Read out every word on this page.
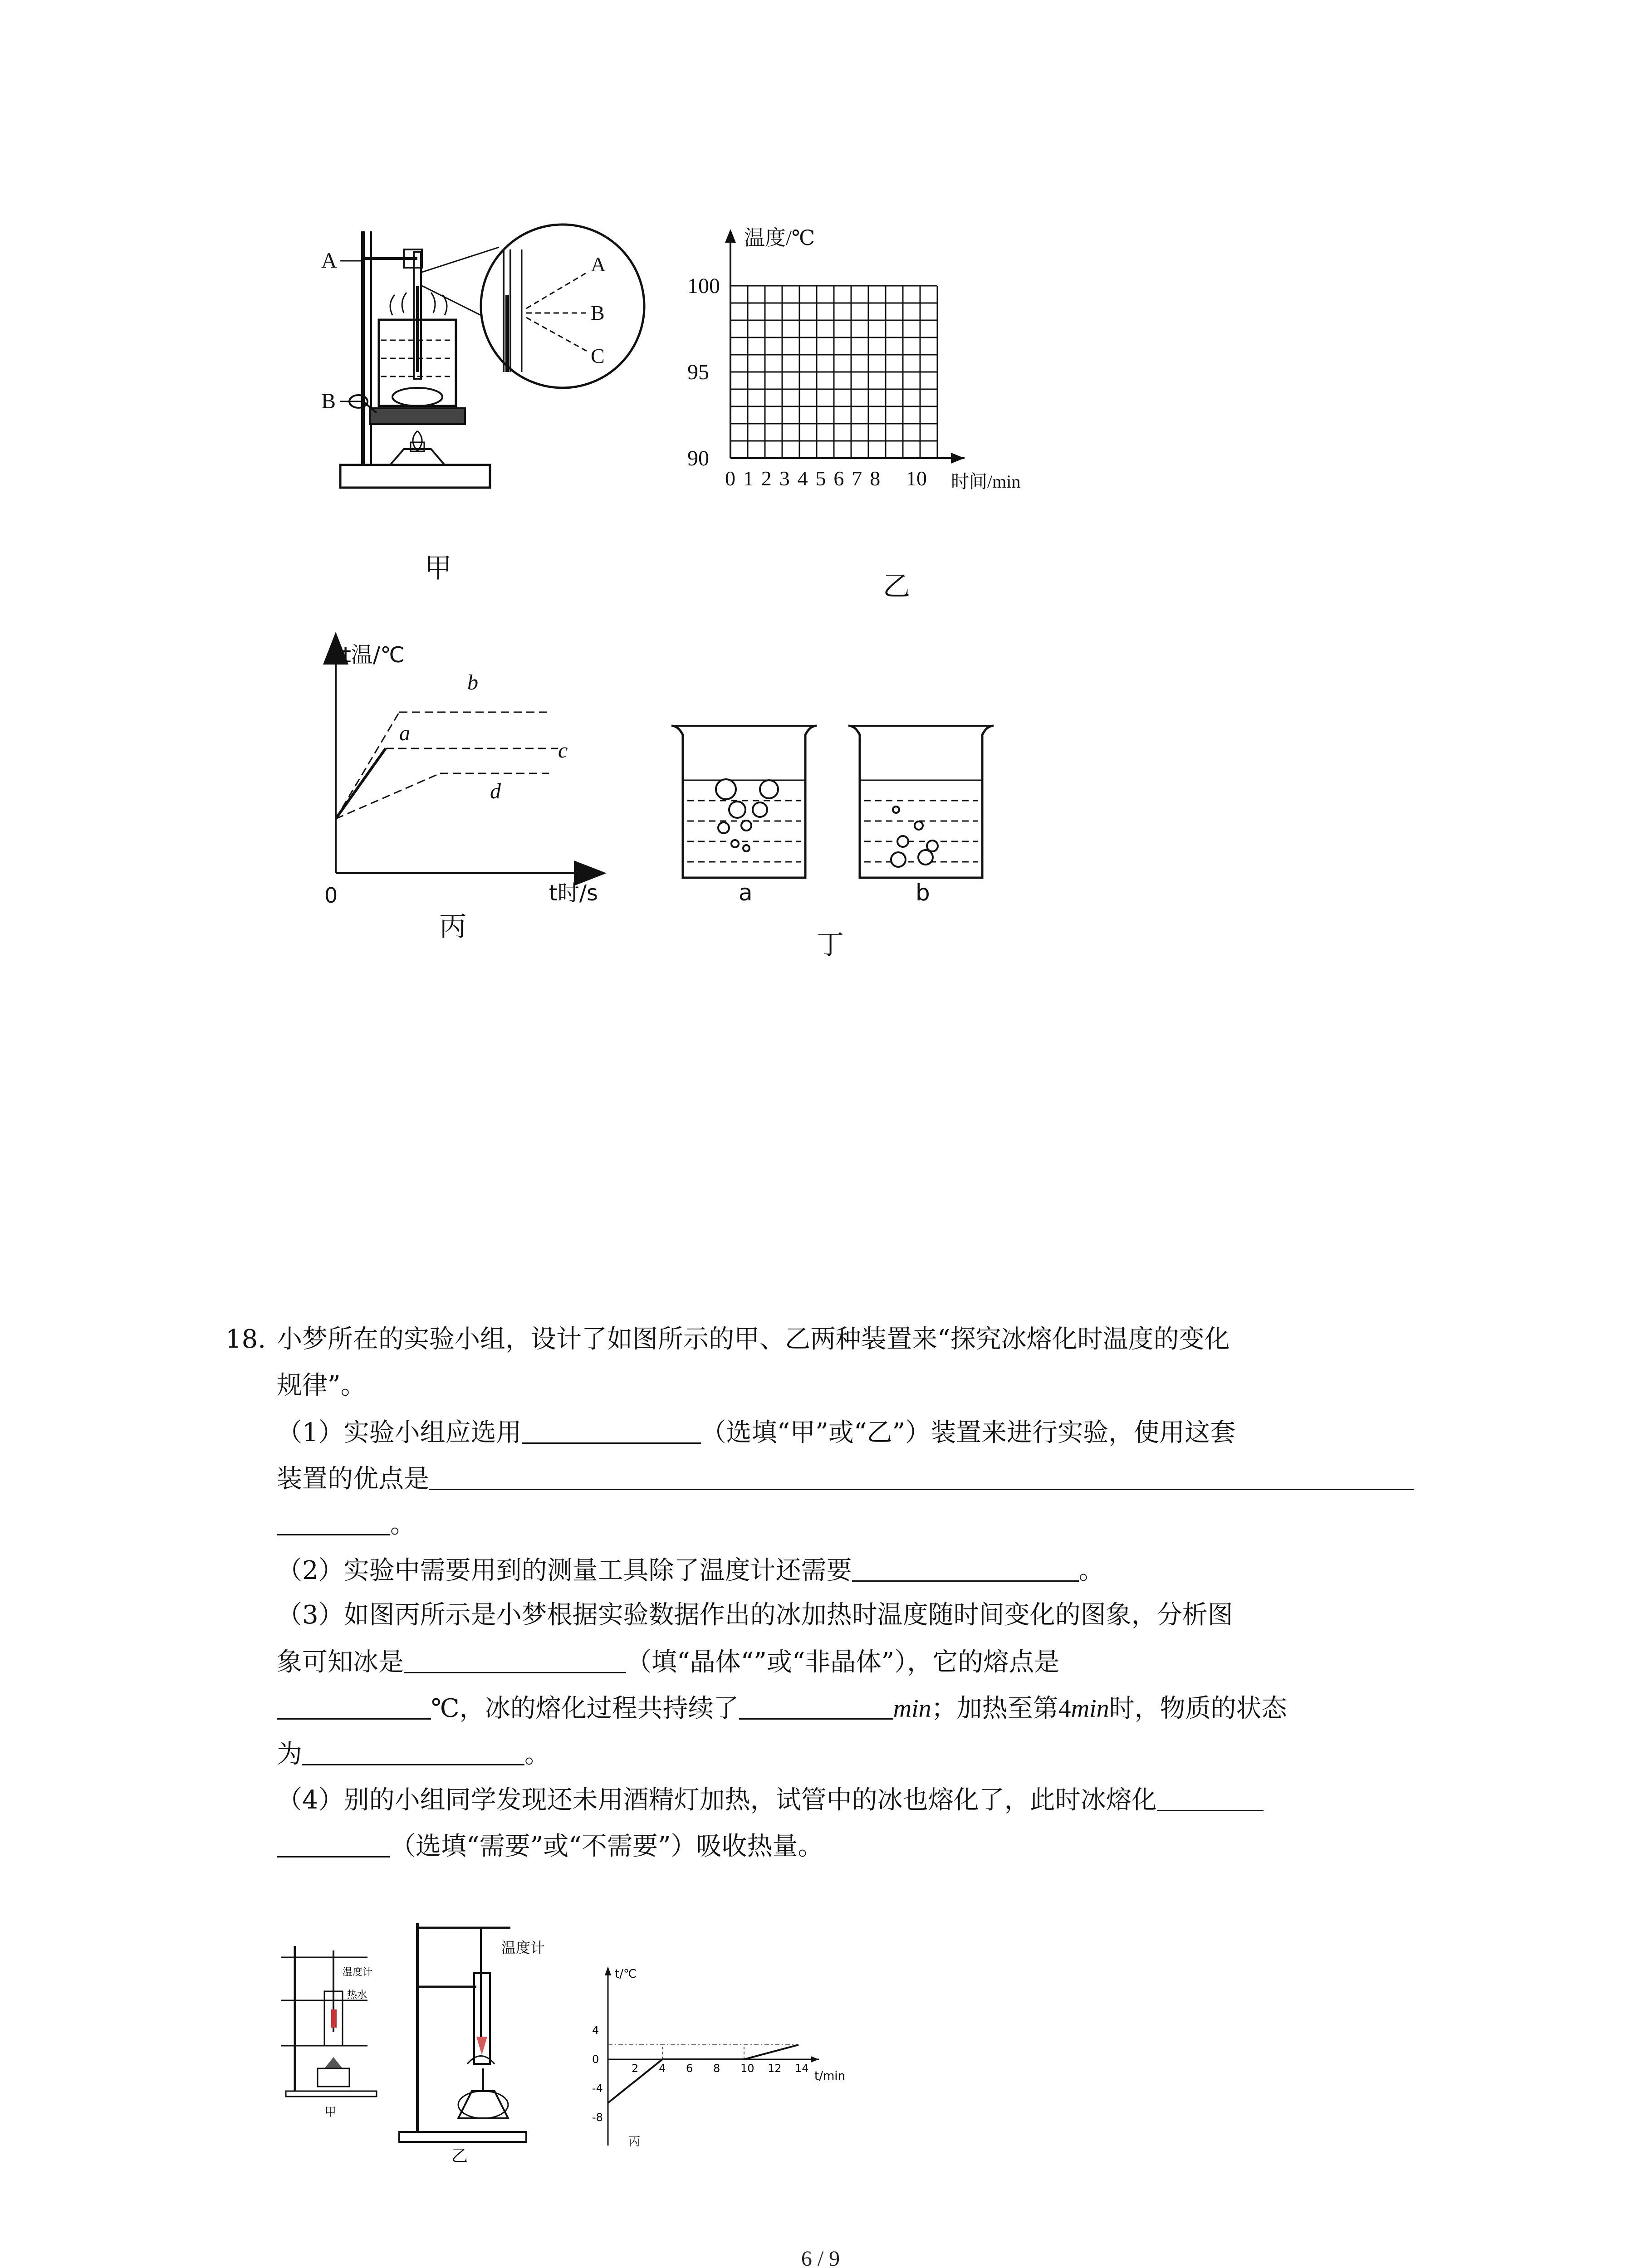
A
B
C
A
B
甲
温度/℃
100
95
90
0 1 2 3 4 5 6 7 8 10 时间/min
乙
b
a
c
d
t温/℃
t时/s
0
丙
a	b
丁
18. 小梦所在的实验小组，设计了如图所示的甲、乙两种装置来“探究冰熔化时温度的变化
规律”。
（1）实验小组应选用	（选填“甲”或“乙”）装置来进行实验，使用这套
装置的优点是
。
（2）实验中需要用到的测量工具除了温度计还需要	。
（3）如图丙所示是小梦根据实验数据作出的冰加热时温度随时间变化的图象，分析图
象可知冰是	（填“晶体“”或“非晶体”），它的熔点是
℃，冰的熔化过程共持续了	min；加热至第4min时，物质的状态
为	。
（4）别的小组同学发现还未用酒精灯加热，试管中的冰也熔化了，此时冰熔化
（选填“需要”或“不需要”）吸收热量。
温度计
热水
甲
温度计
乙
4
0
-4
-8
2 4 6 8 10 12 14
t/℃
t/min
丙
6 / 9
